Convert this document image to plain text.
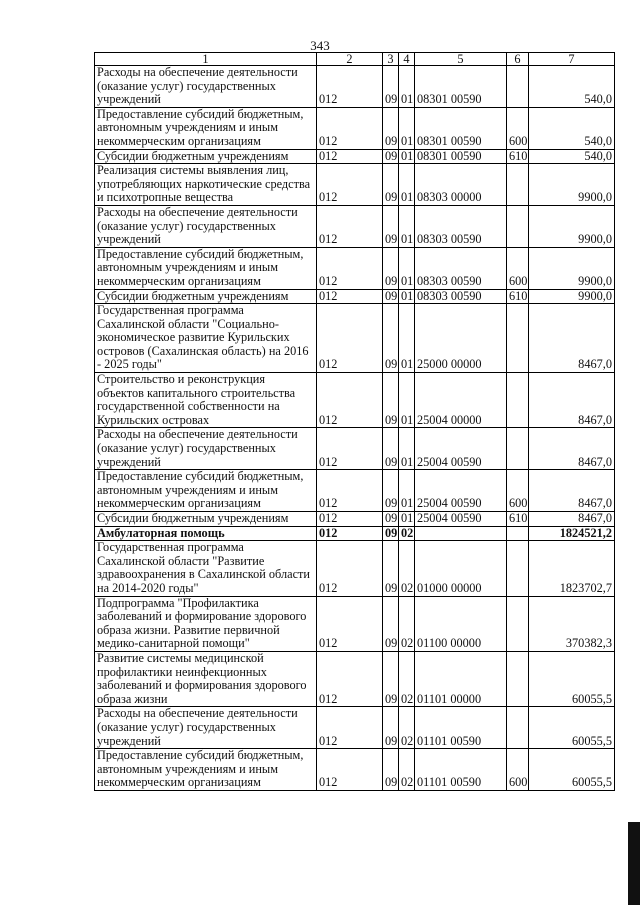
343
1	2	3	4	5	6	7
Расходы на обеспечение деятельности (оказание услуг) государственных учреждений	012	09	01	08301 00590		540,0
Предоставление субсидий бюджетным, автономным учреждениям и иным некоммерческим организациям	012	09	01	08301 00590	600	540,0
Субсидии бюджетным учреждениям	012	09	01	08301 00590	610	540,0
Реализация системы выявления лиц, употребляющих наркотические средства и психотропные вещества	012	09	01	08303 00000		9900,0
Расходы на обеспечение деятельности (оказание услуг) государственных учреждений	012	09	01	08303 00590		9900,0
Предоставление субсидий бюджетным, автономным учреждениям и иным некоммерческим организациям	012	09	01	08303 00590	600	9900,0
Субсидии бюджетным учреждениям	012	09	01	08303 00590	610	9900,0
Государственная программа Сахалинской области "Социально-экономическое развитие Курильских островов (Сахалинская область) на 2016 - 2025 годы"	012	09	01	25000 00000		8467,0
Строительство и реконструкция объектов капитального строительства государственной собственности на Курильских островах	012	09	01	25004 00000		8467,0
Расходы на обеспечение деятельности (оказание услуг) государственных учреждений	012	09	01	25004 00590		8467,0
Предоставление субсидий бюджетным, автономным учреждениям и иным некоммерческим организациям	012	09	01	25004 00590	600	8467,0
Субсидии бюджетным учреждениям	012	09	01	25004 00590	610	8467,0
Амбулаторная помощь	012	09	02			1824521,2
Государственная программа Сахалинской области "Развитие здравоохранения в Сахалинской области на 2014-2020 годы"	012	09	02	01000 00000		1823702,7
Подпрограмма "Профилактика заболеваний и формирование здорового образа жизни. Развитие первичной медико-санитарной помощи"	012	09	02	01100 00000		370382,3
Развитие системы медицинской профилактики неинфекционных заболеваний и формирования здорового образа жизни	012	09	02	01101 00000		60055,5
Расходы на обеспечение деятельности (оказание услуг) государственных учреждений	012	09	02	01101 00590		60055,5
Предоставление субсидий бюджетным, автономным учреждениям и иным некоммерческим организациям	012	09	02	01101 00590	600	60055,5
